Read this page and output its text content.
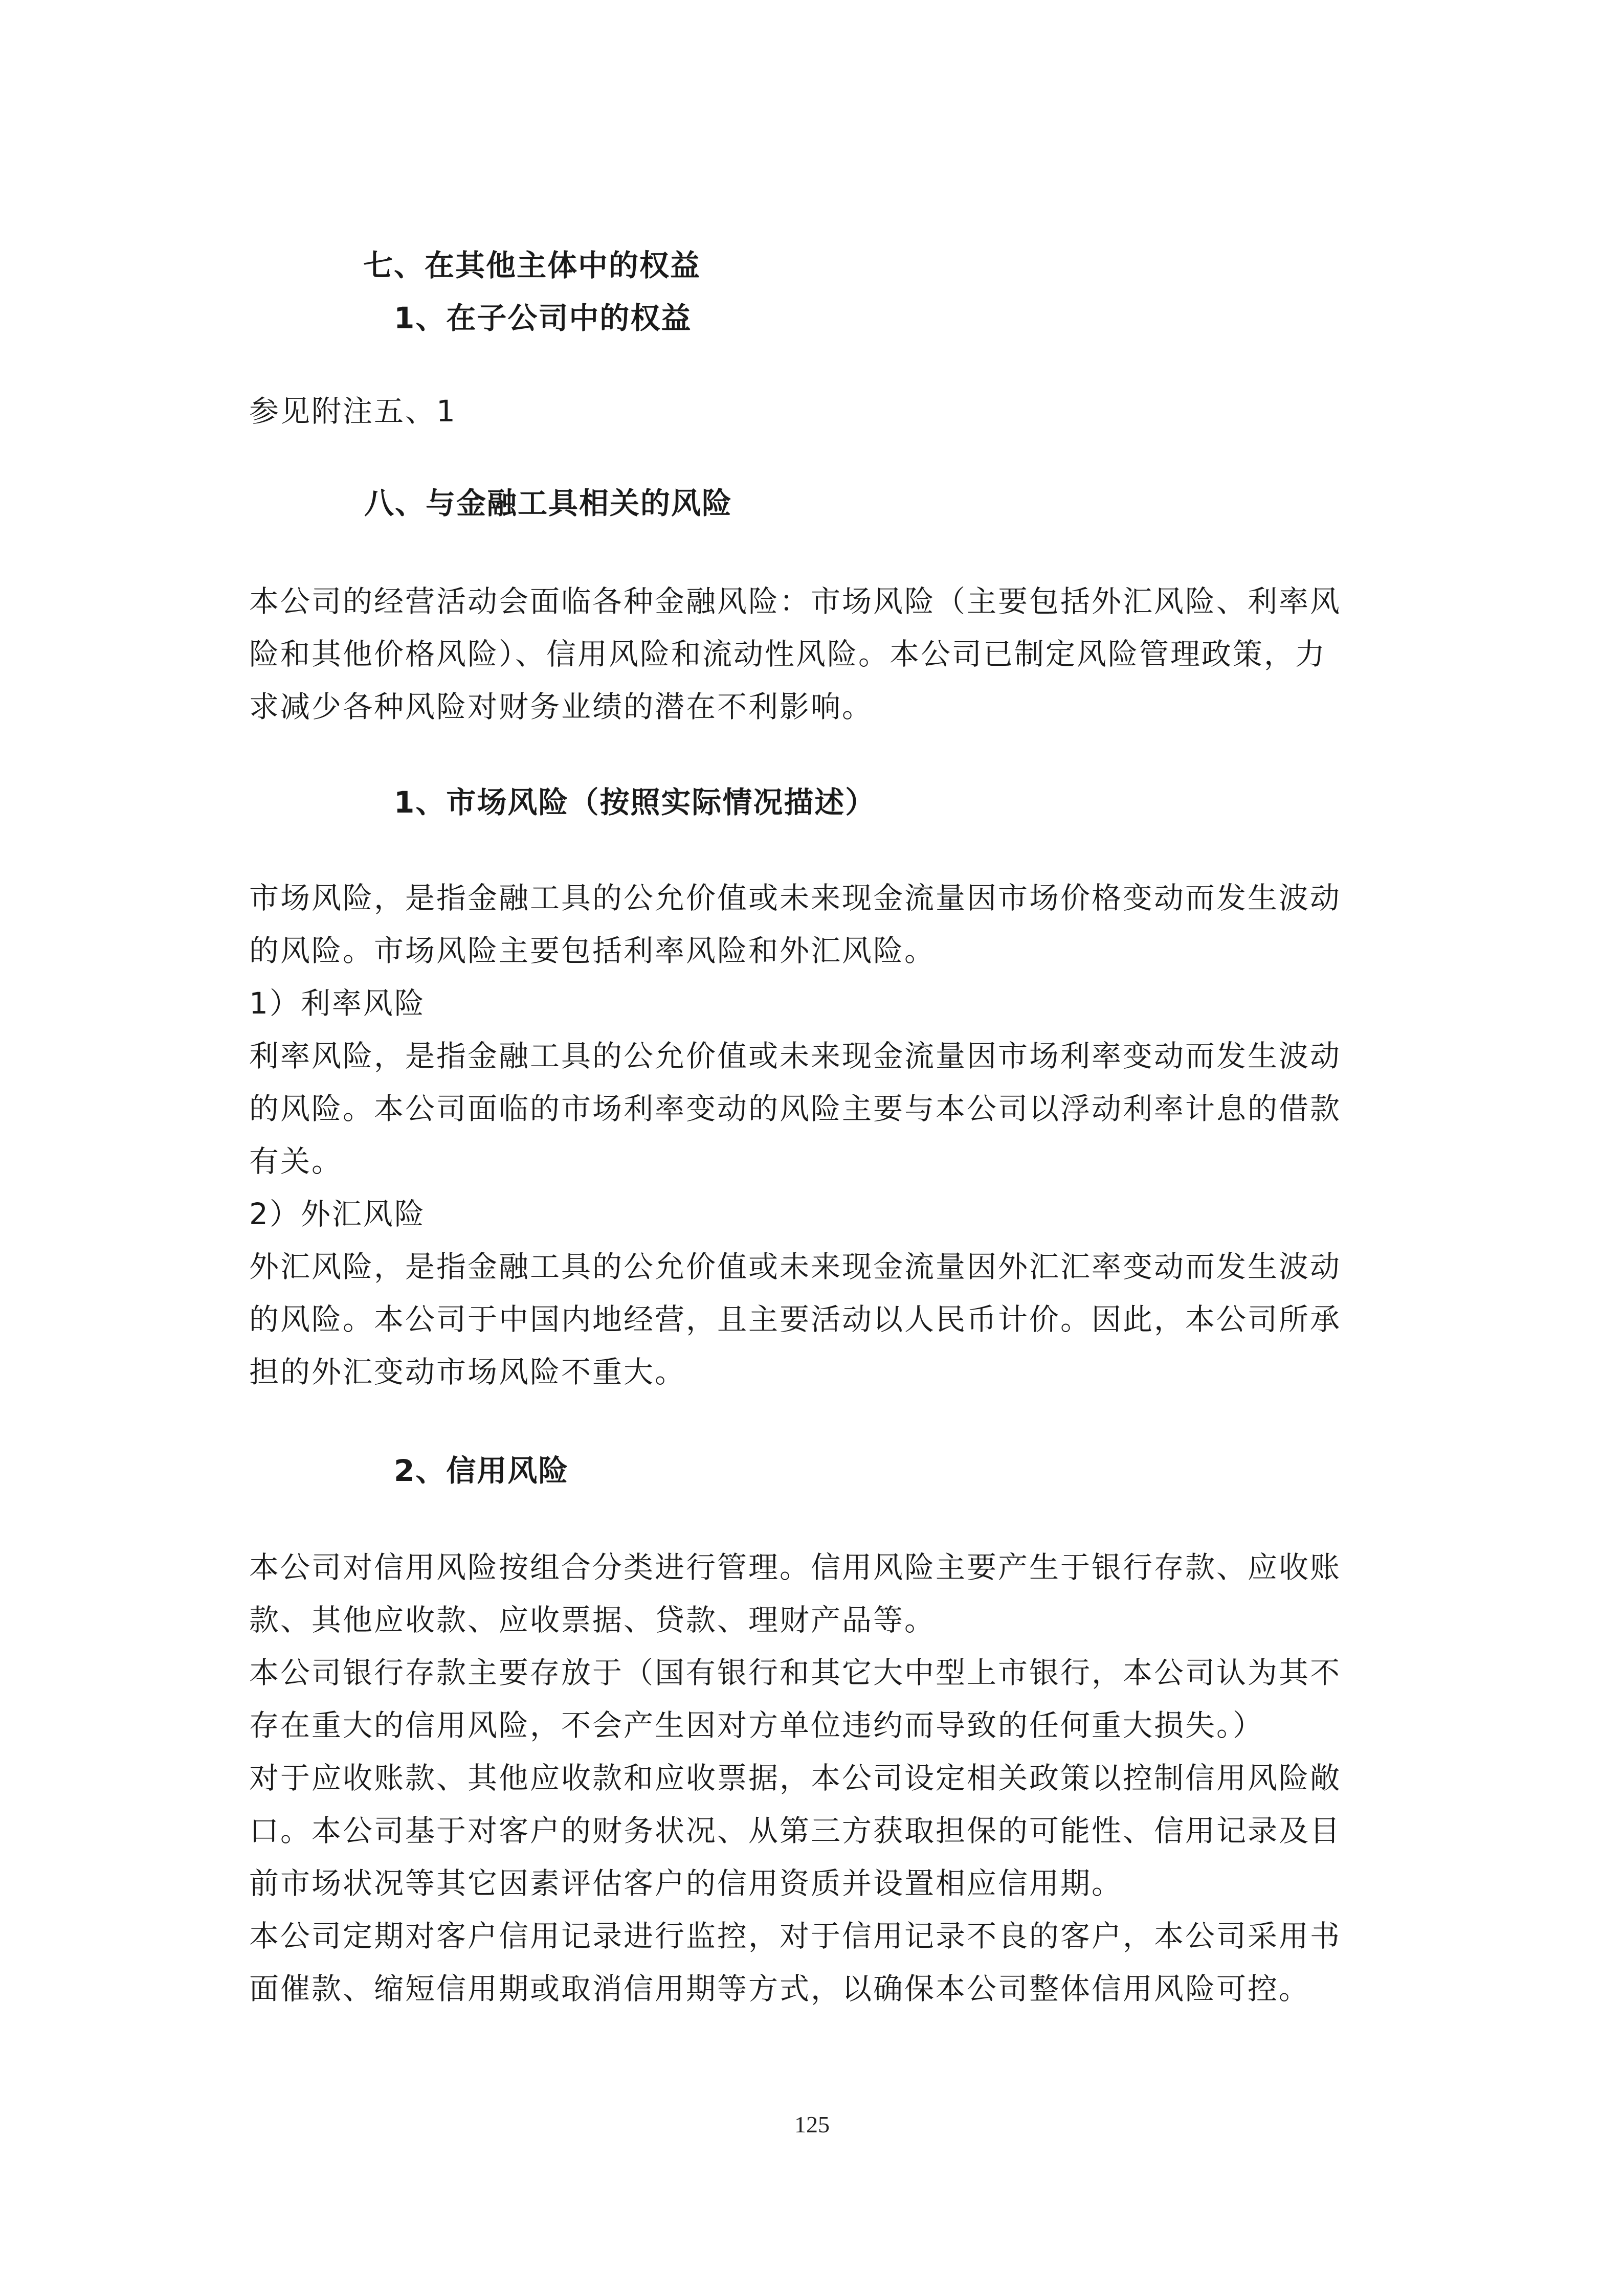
七、在其他主体中的权益
1、在子公司中的权益
参见附注五、1
八、与金融工具相关的风险
本公司的经营活动会面临各种金融风险：市场风险（主要包括外汇风险、利率风
险和其他价格风险）、信用风险和流动性风险。本公司已制定风险管理政策，力
求减少各种风险对财务业绩的潜在不利影响。
1、市场风险（按照实际情况描述）
市场风险，是指金融工具的公允价值或未来现金流量因市场价格变动而发生波动
的风险。市场风险主要包括利率风险和外汇风险。
1）利率风险
利率风险，是指金融工具的公允价值或未来现金流量因市场利率变动而发生波动
的风险。本公司面临的市场利率变动的风险主要与本公司以浮动利率计息的借款
有关。
2）外汇风险
外汇风险，是指金融工具的公允价值或未来现金流量因外汇汇率变动而发生波动
的风险。本公司于中国内地经营，且主要活动以人民币计价。因此，本公司所承
担的外汇变动市场风险不重大。
2、信用风险
本公司对信用风险按组合分类进行管理。信用风险主要产生于银行存款、应收账
款、其他应收款、应收票据、贷款、理财产品等。
本公司银行存款主要存放于（国有银行和其它大中型上市银行，本公司认为其不
存在重大的信用风险，不会产生因对方单位违约而导致的任何重大损失。）
对于应收账款、其他应收款和应收票据，本公司设定相关政策以控制信用风险敞
口。本公司基于对客户的财务状况、从第三方获取担保的可能性、信用记录及目
前市场状况等其它因素评估客户的信用资质并设置相应信用期。
本公司定期对客户信用记录进行监控，对于信用记录不良的客户，本公司采用书
面催款、缩短信用期或取消信用期等方式，以确保本公司整体信用风险可控。
125
